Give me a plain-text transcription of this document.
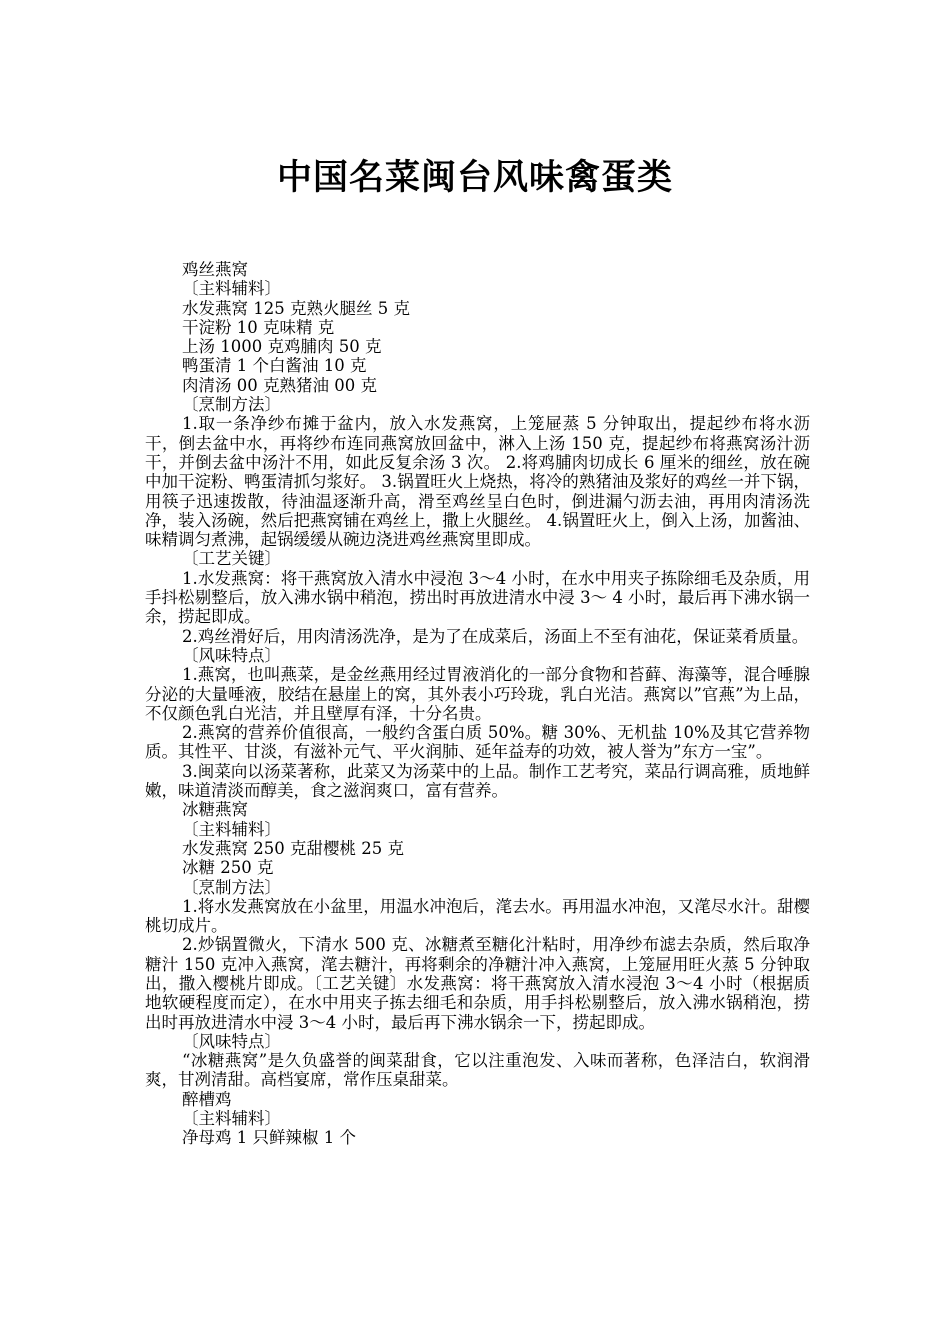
中国名菜闽台风味禽蛋类

鸡丝燕窝

〔主料辅料〕

水发燕窝 125 克熟火腿丝 5 克

干淀粉 10 克味精 克

上汤 1000 克鸡脯肉 50 克

鸭蛋清 1 个白酱油 10 克

肉清汤 00 克熟猪油 00 克

〔烹制方法〕

1.取一条净纱布摊于盆内，放入水发燕窝，上笼屉蒸 5 分钟取出，提起纱布将水沥干，倒去盆中水，再将纱布连同燕窝放回盆中，淋入上汤 150 克，提起纱布将燕窝汤汁沥干，并倒去盆中汤汁不用，如此反复余汤 3 次。 2.将鸡脯肉切成长 6 厘米的细丝，放在碗中加干淀粉、鸭蛋清抓匀浆好。 3.锅置旺火上烧热，将冷的熟猪油及浆好的鸡丝一并下锅，用筷子迅速拨散，待油温逐渐升高，滑至鸡丝呈白色时，倒进漏勺沥去油，再用肉清汤洗净，装入汤碗，然后把燕窝铺在鸡丝上，撒上火腿丝。 4.锅置旺火上，倒入上汤，加酱油、味精调匀煮沸，起锅缓缓从碗边浇进鸡丝燕窝里即成。

〔工艺关键〕

1.水发燕窝：将干燕窝放入清水中浸泡 3～4 小时，在水中用夹子拣除细毛及杂质，用手抖松剔整后，放入沸水锅中稍泡，捞出时再放进清水中浸 3～ 4 小时，最后再下沸水锅一余，捞起即成。

2.鸡丝滑好后，用肉清汤洗净，是为了在成菜后，汤面上不至有油花，保证菜肴质量。

〔风味特点〕

1.燕窝，也叫燕菜，是金丝燕用经过胃液消化的一部分食物和苔藓、海藻等，混合唾腺分泌的大量唾液，胶结在悬崖上的窝，其外表小巧玲珑，乳白光洁。燕窝以”官燕”为上品，不仅颜色乳白光洁，并且壁厚有泽，十分名贵。

2.燕窝的营养价值很高，一般约含蛋白质 50%。糖 30%、无机盐 10%及其它营养物质。其性平、甘淡，有滋补元气、平火润肺、延年益寿的功效，被人誉为”东方一宝”。

3.闽菜向以汤菜著称，此菜又为汤菜中的上品。制作工艺考究，菜品行调高雅，质地鲜嫩，味道清淡而醇美，食之滋润爽口，富有营养。

冰糖燕窝

〔主料辅料〕

水发燕窝 250 克甜樱桃 25 克

冰糖 250 克

〔烹制方法〕

1.将水发燕窝放在小盆里，用温水冲泡后，滗去水。再用温水冲泡，又滗尽水汁。甜樱桃切成片。

2.炒锅置微火，下清水 500 克、冰糖煮至糖化汁粘时，用净纱布滤去杂质，然后取净糖汁 150 克冲入燕窝，滗去糖汁，再将剩余的净糖汁冲入燕窝，上笼屉用旺火蒸 5 分钟取出，撒入樱桃片即成。〔工艺关键〕水发燕窝：将干燕窝放入清水浸泡 3～4 小时（根据质地软硬程度而定），在水中用夹子拣去细毛和杂质，用手抖松剔整后，放入沸水锅稍泡，捞出时再放进清水中浸 3～4 小时，最后再下沸水锅余一下，捞起即成。

〔风味特点〕

“冰糖燕窝”是久负盛誉的闽菜甜食，它以注重泡发、入味而著称，色泽洁白，软润滑爽，甘冽清甜。高档宴席，常作压桌甜菜。

醉槽鸡

〔主料辅料〕

净母鸡 1 只鲜辣椒 1 个
